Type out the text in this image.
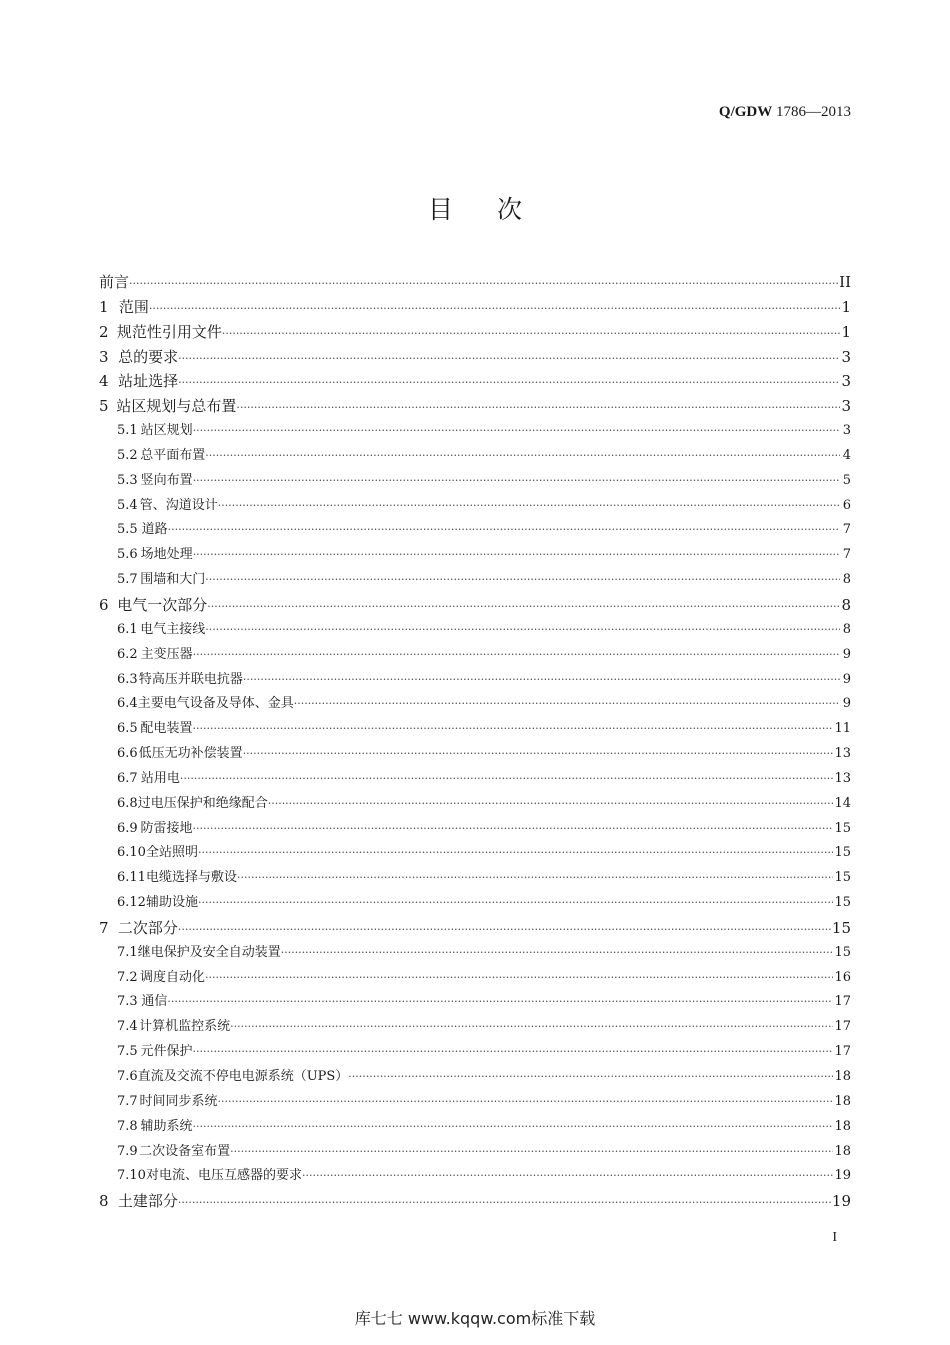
Q/GDW 1786—2013
目 次
前言 ·····	II
1 范围 ·····	1
2 规范性引用文件 ·····	1
3 总的要求 ·····	3
4 站址选择 ·····	3
5 站区规划与总布置 ·····	3
5.1 站区规划 ·····	3
5.2 总平面布置 ·····	4
5.3 竖向布置 ·····	5
5.4 管、沟道设计 ·····	6
5.5 道路 ·····	7
5.6 场地处理 ·····	7
5.7 围墙和大门 ·····	8
6 电气一次部分 ·····	8
6.1 电气主接线 ·····	8
6.2 主变压器 ·····	9
6.3 特高压并联电抗器 ·····	9
6.4 主要电气设备及导体、金具 ·····	9
6.5 配电装置 ·····	11
6.6 低压无功补偿装置 ·····	13
6.7 站用电 ·····	13
6.8 过电压保护和绝缘配合 ·····	14
6.9 防雷接地 ·····	15
6.10 全站照明 ·····	15
6.11 电缆选择与敷设 ·····	15
6.12 辅助设施 ·····	15
7 二次部分 ·····	15
7.1 继电保护及安全自动装置 ·····	15
7.2 调度自动化 ·····	16
7.3 通信 ·····	17
7.4 计算机监控系统 ·····	17
7.5 元件保护 ·····	17
7.6 直流及交流不停电电源系统（UPS） ·····	18
7.7 时间同步系统 ·····	18
7.8 辅助系统 ·····	18
7.9 二次设备室布置 ·····	18
7.10 对电流、电压互感器的要求 ·····	19
8 土建部分 ·····	19
I
库七七 www.kqqw.com标准下载
